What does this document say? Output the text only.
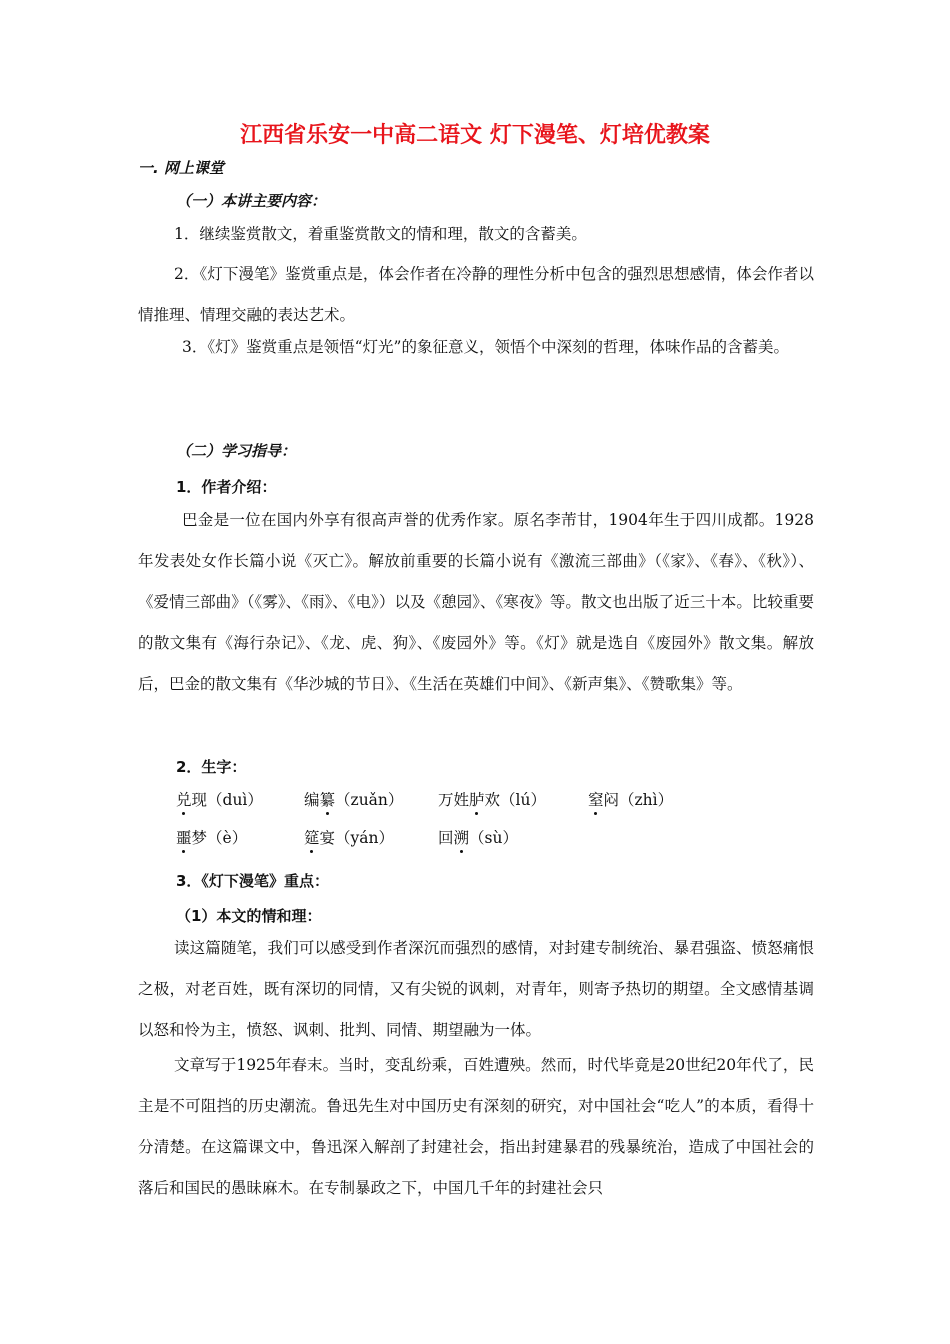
江西省乐安一中高二语文 灯下漫笔、灯培优教案
一. 网上课堂
（一）本讲主要内容：

1．继续鉴赏散文，着重鉴赏散文的情和理，散文的含蓄美。

2．《灯下漫笔》鉴赏重点是，体会作者在冷静的理性分析中包含的强烈思想感情，体会作者以情推理、情理交融的表达艺术。

3．《灯》鉴赏重点是领悟“灯光”的象征意义，领悟个中深刻的哲理，体味作品的含蓄美。

（二）学习指导：
1．作者介绍：

巴金是一位在国内外享有很高声誉的优秀作家。原名李芾甘，1904年生于四川成都。1928年发表处女作长篇小说《灭亡》。解放前重要的长篇小说有《激流三部曲》（《家》、《春》、《秋》）、《爱情三部曲》（《雾》、《雨》、《电》）以及《憩园》、《寒夜》等。散文也出版了近三十本。比较重要的散文集有《海行杂记》、《龙、虎、狗》、《废园外》等。《灯》就是选自《废园外》散文集。解放后，巴金的散文集有《华沙城的节日》、《生活在英雄们中间》、《新声集》、《赞歌集》等。

2．生字：
兑现（duì）	编纂（zuǎn） 万姓胪欢（lú）	窒闷（zhì）
噩梦（è）	筵宴（yán）	回溯（sù）
3．《灯下漫笔》重点：
（1）本文的情和理：

读这篇随笔，我们可以感受到作者深沉而强烈的感情，对封建专制统治、暴君强盗、愤怒痛恨之极，对老百姓，既有深切的同情，又有尖锐的讽刺，对青年，则寄予热切的期望。全文感情基调以怒和怜为主，愤怒、讽刺、批判、同情、期望融为一体。

文章写于1925年春末。当时，变乱纷乘，百姓遭殃。然而，时代毕竟是20世纪20年代了，民主是不可阻挡的历史潮流。鲁迅先生对中国历史有深刻的研究，对中国社会“吃人”的本质，看得十分清楚。在这篇课文中，鲁迅深入解剖了封建社会，指出封建暴君的残暴统治，造成了中国社会的落后和国民的愚昧麻木。在专制暴政之下，中国几千年的封建社会只
